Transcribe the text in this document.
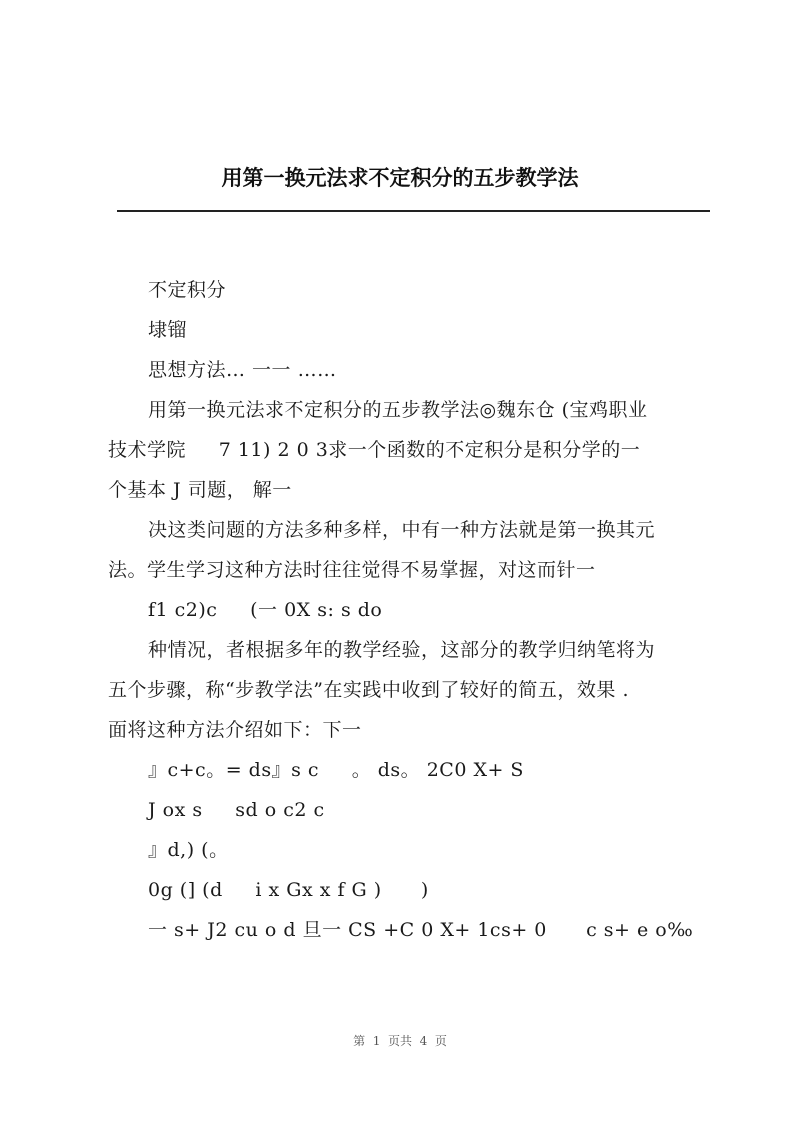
用第一换元法求不定积分的五步教学法
不定积分
埭镏
思想方法… 一一 ……
用第一换元法求不定积分的五步教学法◎魏东仓 (宝鸡职业
技术学院     7 11) 2 0 3求一个函数的不定积分是积分学的一
个基本 J 司题， 解一
决这类问题的方法多种多样，中有一种方法就是第一换其元
法。学生学习这种方法时往往觉得不易掌握，对这而针一
f1 c2)c     (一 0X s: s do
种情况，者根据多年的教学经验，这部分的教学归纳笔将为
五个步骤，称“步教学法”在实践中收到了较好的简五，效果 .
面将这种方法介绍如下：下一
』c+c。= ds』s c     。 ds。 2C0 X+ S
J ox s     sd o c2 c
』d,) (。
0g (] (d     i x Gx x f G )      )
一 s+ J2 cu o d 旦一 CS +C 0 X+ 1cs+ 0      c s+ e o‰
第  1  页共  4  页
